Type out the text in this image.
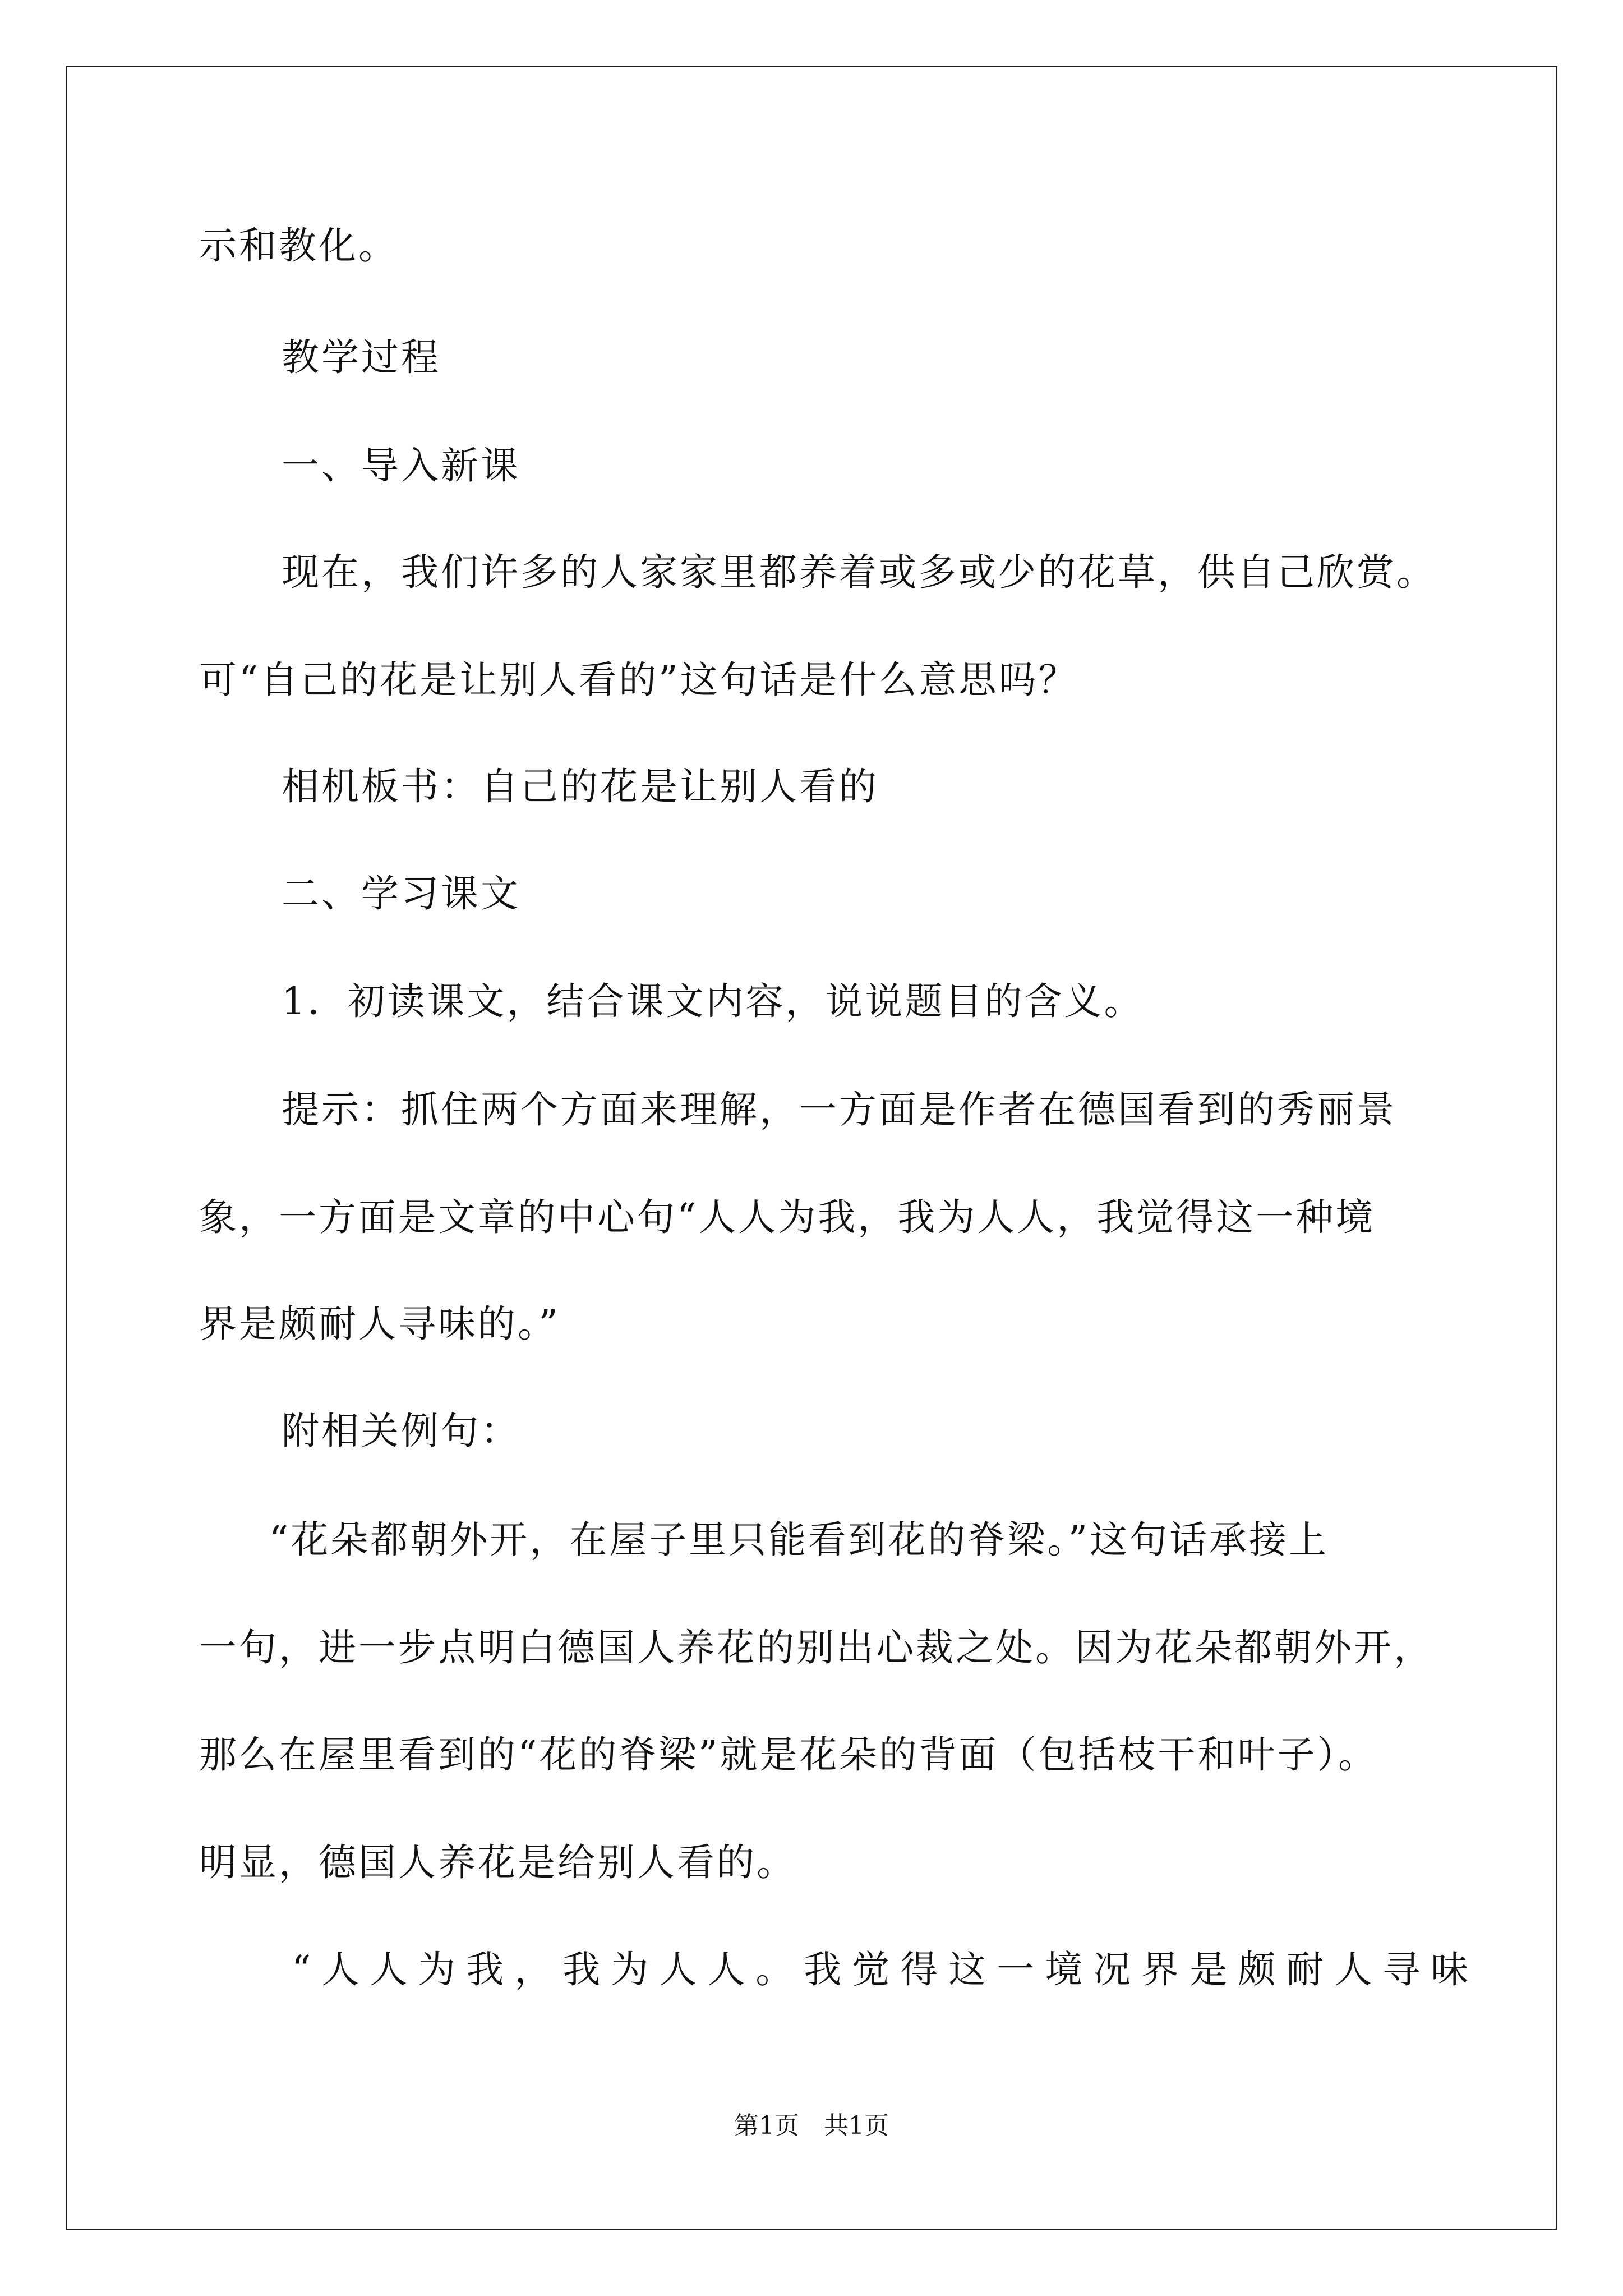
示和教化。
教学过程
一、导入新课
现在，我们许多的人家家里都养着或多或少的花草，供自己欣赏。
可“自己的花是让别人看的”这句话是什么意思吗？
相机板书：自己的花是让别人看的
二、学习课文
1．初读课文，结合课文内容，说说题目的含义。
提示：抓住两个方面来理解，一方面是作者在德国看到的秀丽景
象，一方面是文章的中心句“人人为我，我为人人，我觉得这一种境
界是颇耐人寻味的。”
附相关例句：
“花朵都朝外开，在屋子里只能看到花的脊梁。”这句话承接上
一句，进一步点明白德国人养花的别出心裁之处。因为花朵都朝外开，
那么在屋里看到的“花的脊梁”就是花朵的背面（包括枝干和叶子）。
明显，德国人养花是给别人看的。
“人人为我，我为人人。我觉得这一境况界是颇耐人寻味
第1页　共1页
